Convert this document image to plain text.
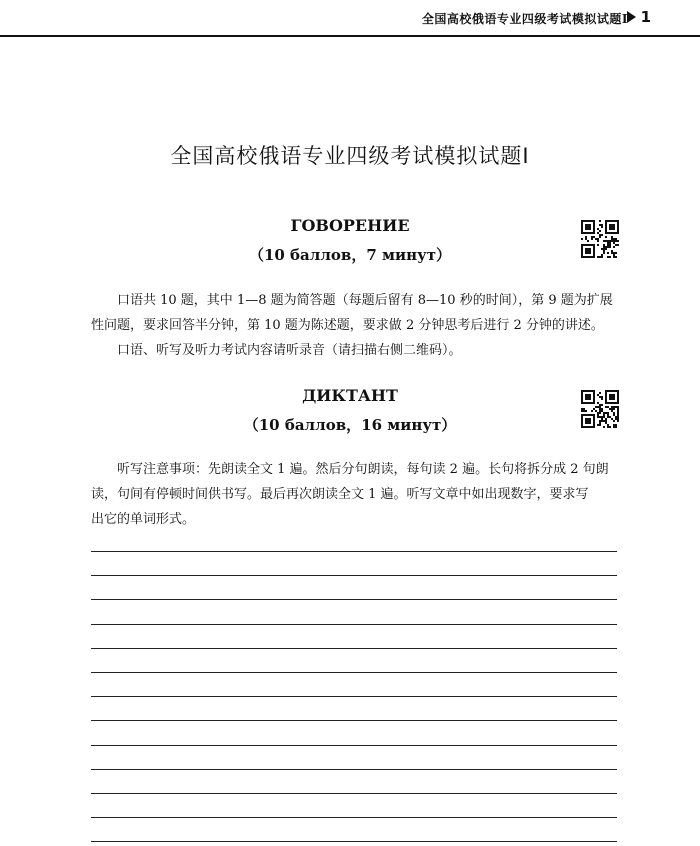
全国高校俄语专业四级考试模拟试题Ⅰ 1
全国高校俄语专业四级考试模拟试题Ⅰ
ГОВОРЕНИЕ
（10 баллов，7 минут）
口语共 10 题，其中 1—8 题为简答题（每题后留有 8—10 秒的时间），第 9 题为扩展
性问题，要求回答半分钟，第 10 题为陈述题，要求做 2 分钟思考后进行 2 分钟的讲述。
口语、听写及听力考试内容请听录音（请扫描右侧二维码）。
ДИКТАНТ
（10 баллов，16 минут）
听写注意事项：先朗读全文 1 遍。然后分句朗读，每句读 2 遍。长句将拆分成 2 句朗
读，句间有停顿时间供书写。最后再次朗读全文 1 遍。听写文章中如出现数字，要求写
出它的单词形式。
